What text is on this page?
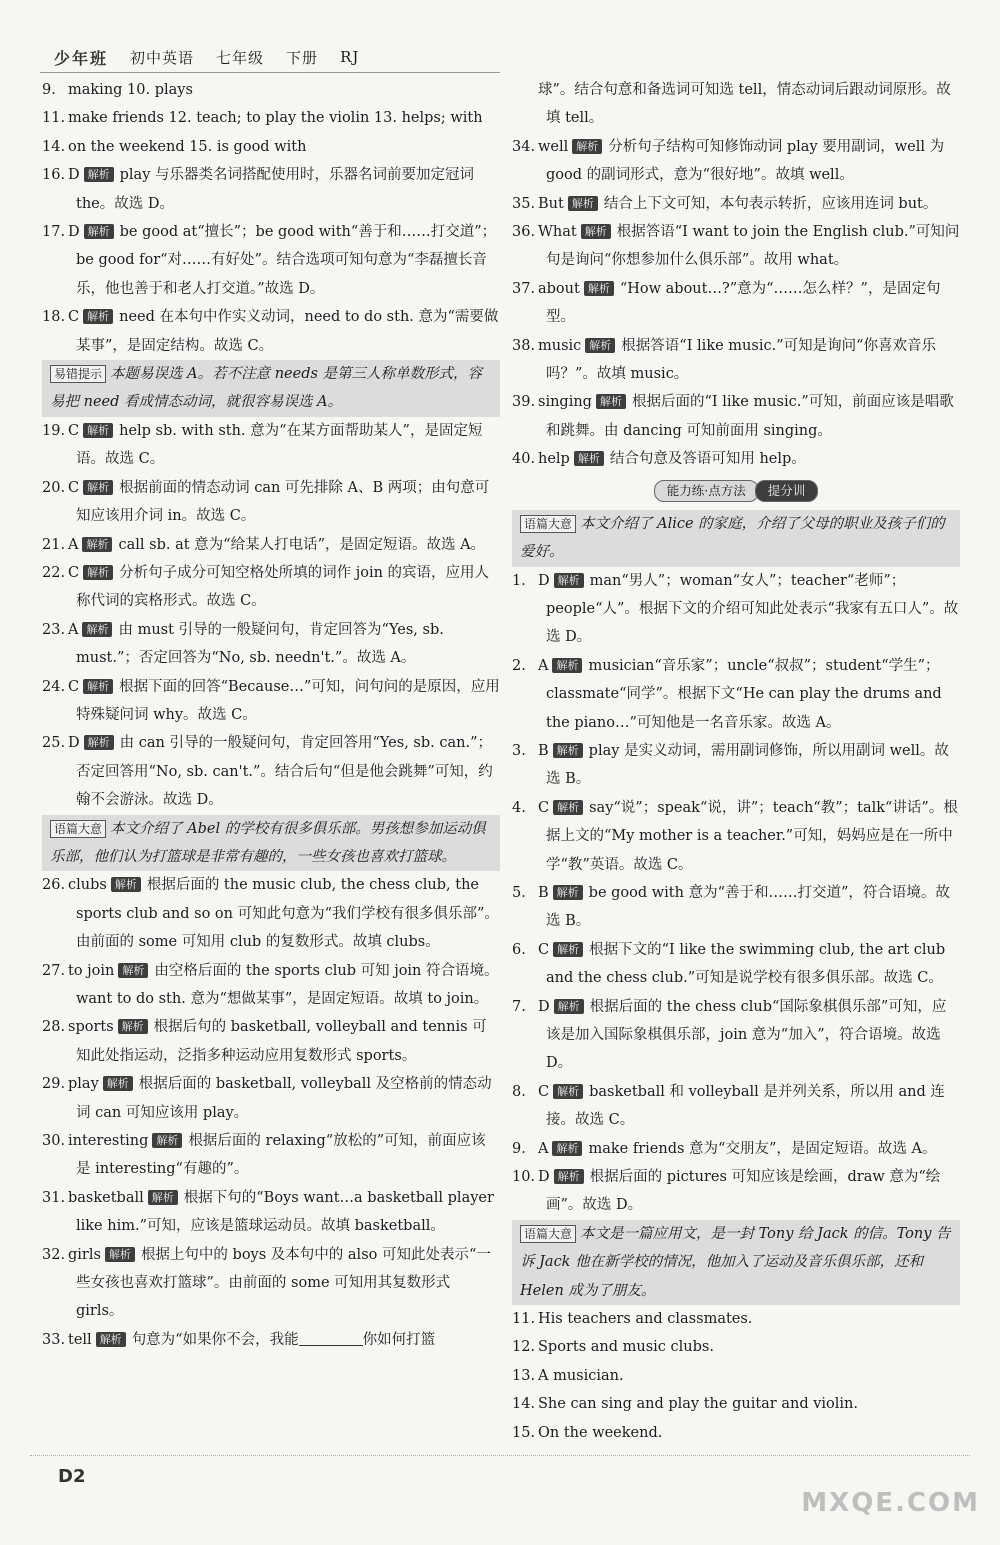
少年班 初中英语 七年级 下册 RJ

9. making 10. plays

11. make friends 12. teach; to play the violin 13. helps; with

14. on the weekend 15. is good with

16. D 解析 play 与乐器类名词搭配使用时，乐器名词前要加定冠词 the。故选 D。

17. D 解析 be good at“擅长”；be good with“善于和……打交道”；be good for“对……有好处”。结合选项可知句意为“李磊擅长音乐，他也善于和老人打交道。”故选 D。

18. C 解析 need 在本句中作实义动词，need to do sth. 意为“需要做某事”，是固定结构。故选 C。

易错提示 本题易误选 A。若不注意 needs 是第三人称单数形式，容易把 need 看成情态动词，就很容易误选 A。

19. C 解析 help sb. with sth. 意为“在某方面帮助某人”，是固定短语。故选 C。

20. C 解析 根据前面的情态动词 can 可先排除 A、B 两项；由句意可知应该用介词 in。故选 C。

21. A 解析 call sb. at 意为“给某人打电话”，是固定短语。故选 A。

22. C 解析 分析句子成分可知空格处所填的词作 join 的宾语，应用人称代词的宾格形式。故选 C。

23. A 解析 由 must 引导的一般疑问句，肯定回答为“Yes, sb. must.”；否定回答为“No, sb. needn't.”。故选 A。

24. C 解析 根据下面的回答“Because…”可知，问句问的是原因，应用特殊疑问词 why。故选 C。

25. D 解析 由 can 引导的一般疑问句，肯定回答用“Yes, sb. can.”；否定回答用“No, sb. can't.”。结合后句“但是他会跳舞”可知，约翰不会游泳。故选 D。

语篇大意 本文介绍了 Abel 的学校有很多俱乐部。男孩想参加运动俱乐部，他们认为打篮球是非常有趣的，一些女孩也喜欢打篮球。

26. clubs 解析 根据后面的 the music club, the chess club, the sports club and so on 可知此句意为“我们学校有很多俱乐部”。由前面的 some 可知用 club 的复数形式。故填 clubs。

27. to join 解析 由空格后面的 the sports club 可知 join 符合语境。want to do sth. 意为“想做某事”，是固定短语。故填 to join。

28. sports 解析 根据后句的 basketball, volleyball and tennis 可知此处指运动，泛指多种运动应用复数形式 sports。

29. play 解析 根据后面的 basketball, volleyball 及空格前的情态动词 can 可知应该用 play。

30. interesting 解析 根据后面的 relaxing“放松的”可知，前面应该是 interesting“有趣的”。

31. basketball 解析 根据下句的“Boys want…a basketball player like him.”可知，应该是篮球运动员。故填 basketball。

32. girls 解析 根据上句中的 boys 及本句中的 also 可知此处表示“一些女孩也喜欢打篮球”。由前面的 some 可知用其复数形式 girls。

33. tell 解析 句意为“如果你不会，我能	你如何打篮

球”。结合句意和备选词可知选 tell，情态动词后跟动词原形。故填 tell。

34. well 解析 分析句子结构可知修饰动词 play 要用副词，well 为 good 的副词形式，意为“很好地”。故填 well。

35. But 解析 结合上下文可知，本句表示转折，应该用连词 but。

36. What 解析 根据答语“I want to join the English club.”可知问句是询问“你想参加什么俱乐部”。故用 what。

37. about 解析 “How about…?”意为“……怎么样？”，是固定句型。

38. music 解析 根据答语“I like music.”可知是询问“你喜欢音乐吗？”。故填 music。

39. singing 解析 根据后面的“I like music.”可知，前面应该是唱歌和跳舞。由 dancing 可知前面用 singing。

40. help 解析 结合句意及答语可知用 help。

能力练·点方法 提分训

语篇大意 本文介绍了 Alice 的家庭，介绍了父母的职业及孩子们的爱好。

1. D 解析 man“男人”；woman“女人”；teacher“老师”；people“人”。根据下文的介绍可知此处表示“我家有五口人”。故选 D。

2. A 解析 musician“音乐家”；uncle“叔叔”；student“学生”；classmate“同学”。根据下文“He can play the drums and the piano…”可知他是一名音乐家。故选 A。

3. B 解析 play 是实义动词，需用副词修饰，所以用副词 well。故选 B。

4. C 解析 say“说”；speak“说，讲”；teach“教”；talk“讲话”。根据上文的“My mother is a teacher.”可知，妈妈应是在一所中学“教”英语。故选 C。

5. B 解析 be good with 意为“善于和……打交道”，符合语境。故选 B。

6. C 解析 根据下文的“I like the swimming club, the art club and the chess club.”可知是说学校有很多俱乐部。故选 C。

7. D 解析 根据后面的 the chess club“国际象棋俱乐部”可知，应该是加入国际象棋俱乐部，join 意为“加入”，符合语境。故选 D。

8. C 解析 basketball 和 volleyball 是并列关系，所以用 and 连接。故选 C。

9. A 解析 make friends 意为“交朋友”，是固定短语。故选 A。

10. D 解析 根据后面的 pictures 可知应该是绘画，draw 意为“绘画”。故选 D。

语篇大意 本文是一篇应用文，是一封 Tony 给 Jack 的信。Tony 告诉 Jack 他在新学校的情况，他加入了运动及音乐俱乐部，还和 Helen 成为了朋友。

11. His teachers and classmates.

12. Sports and music clubs.

13. A musician.

14. She can sing and play the guitar and violin.

15. On the weekend.

D2
MXQE.COM
